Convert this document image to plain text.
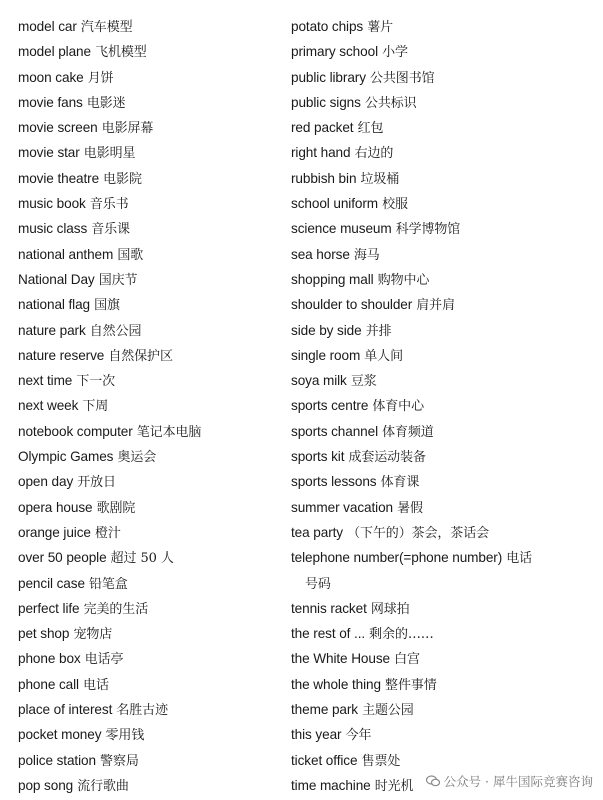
model car 汽车模型
model plane 飞机模型
moon cake 月饼
movie fans 电影迷
movie screen 电影屏幕
movie star 电影明星
movie theatre 电影院
music book 音乐书
music class 音乐课
national anthem 国歌
National Day 国庆节
national flag 国旗
nature park 自然公园
nature reserve 自然保护区
next time 下一次
next week 下周
notebook computer 笔记本电脑
Olympic Games 奥运会
open day 开放日
opera house 歌剧院
orange juice 橙汁
over 50 people 超过 50 人
pencil case 铅笔盒
perfect life 完美的生活
pet shop 宠物店
phone box 电话亭
phone call 电话
place of interest 名胜古迹
pocket money 零用钱
police station 警察局
pop song 流行歌曲
potato chips 薯片
primary school 小学
public library 公共图书馆
public signs 公共标识
red packet 红包
right hand 右边的
rubbish bin 垃圾桶
school uniform 校服
science museum 科学博物馆
sea horse 海马
shopping mall 购物中心
shoulder to shoulder 肩并肩
side by side 并排
single room 单人间
soya milk 豆浆
sports centre 体育中心
sports channel 体育频道
sports kit 成套运动装备
sports lessons 体育课
summer vacation 暑假
tea party （下午的）茶会，茶话会
telephone number(=phone number) 电话
号码
tennis racket 网球拍
the rest of ... 剩余的……
the White House 白宫
the whole thing 整件事情
theme park 主题公园
this year 今年
ticket office 售票处
time machine 时光机	公众号 · 犀牛国际竞赛咨询
